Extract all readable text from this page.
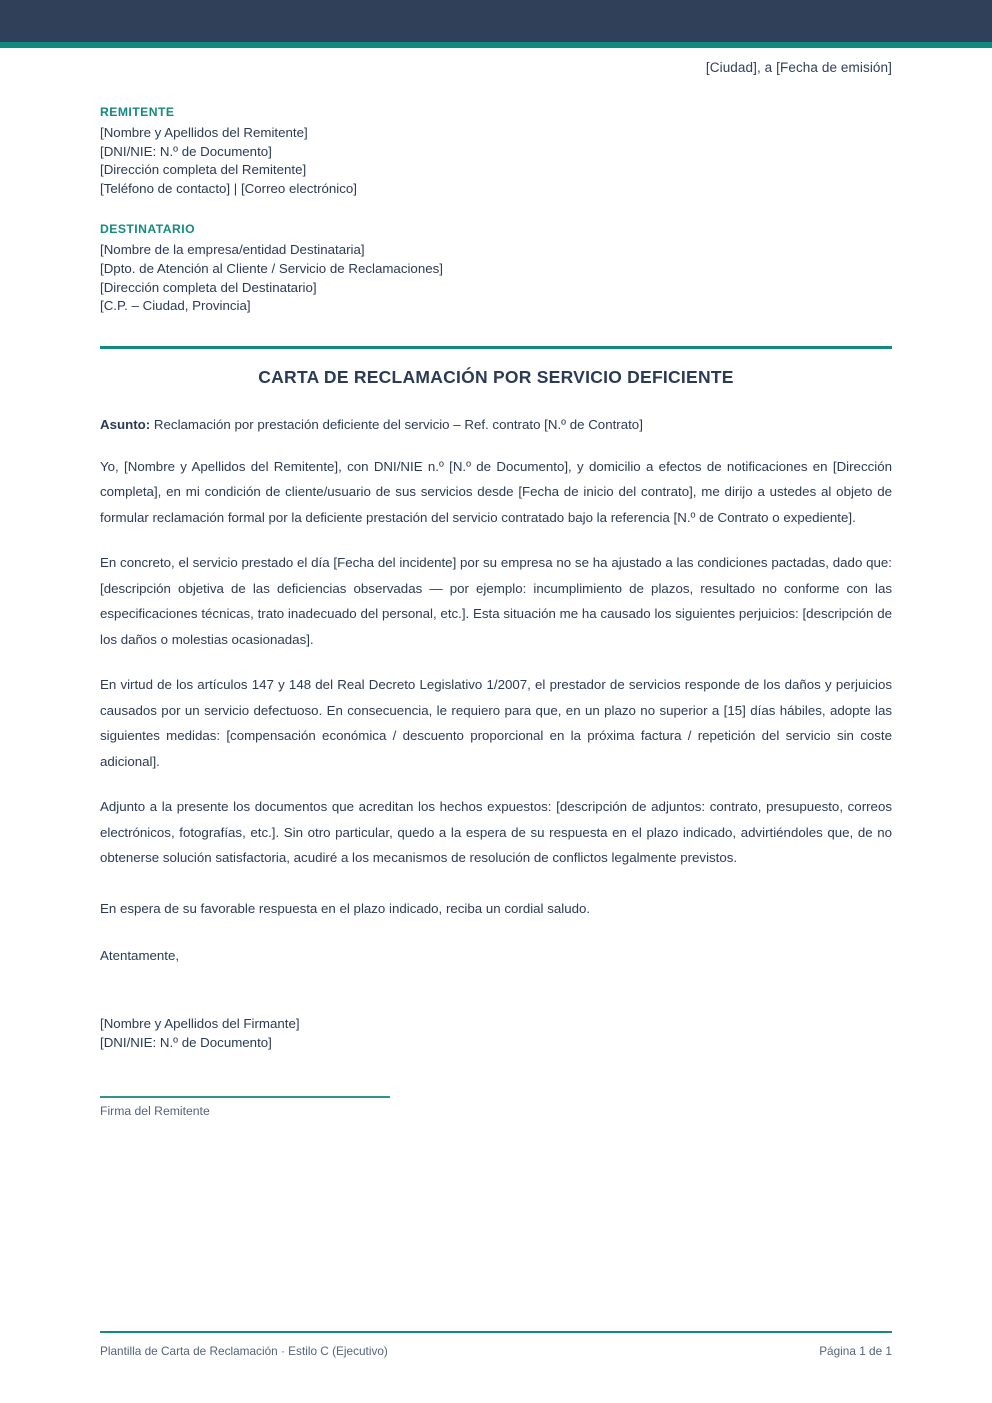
[Ciudad], a [Fecha de emisión]
REMITENTE
[Nombre y Apellidos del Remitente]
[DNI/NIE: N.º de Documento]
[Dirección completa del Remitente]
[Teléfono de contacto] | [Correo electrónico]
DESTINATARIO
[Nombre de la empresa/entidad Destinataria]
[Dpto. de Atención al Cliente / Servicio de Reclamaciones]
[Dirección completa del Destinatario]
[C.P. – Ciudad, Provincia]
CARTA DE RECLAMACIÓN POR SERVICIO DEFICIENTE
Asunto: Reclamación por prestación deficiente del servicio – Ref. contrato [N.º de Contrato]

Yo, [Nombre y Apellidos del Remitente], con DNI/NIE n.º [N.º de Documento], y domicilio a efectos de notificaciones en [Dirección completa], en mi condición de cliente/usuario de sus servicios desde [Fecha de inicio del contrato], me dirijo a ustedes al objeto de formular reclamación formal por la deficiente prestación del servicio contratado bajo la referencia [N.º de Contrato o expediente].

En concreto, el servicio prestado el día [Fecha del incidente] por su empresa no se ha ajustado a las condiciones pactadas, dado que: [descripción objetiva de las deficiencias observadas — por ejemplo: incumplimiento de plazos, resultado no conforme con las especificaciones técnicas, trato inadecuado del personal, etc.]. Esta situación me ha causado los siguientes perjuicios: [descripción de los daños o molestias ocasionadas].

En virtud de los artículos 147 y 148 del Real Decreto Legislativo 1/2007, el prestador de servicios responde de los daños y perjuicios causados por un servicio defectuoso. En consecuencia, le requiero para que, en un plazo no superior a [15] días hábiles, adopte las siguientes medidas: [compensación económica / descuento proporcional en la próxima factura / repetición del servicio sin coste adicional].

Adjunto a la presente los documentos que acreditan los hechos expuestos: [descripción de adjuntos: contrato, presupuesto, correos electrónicos, fotografías, etc.]. Sin otro particular, quedo a la espera de su respuesta en el plazo indicado, advirtiéndoles que, de no obtenerse solución satisfactoria, acudiré a los mecanismos de resolución de conflictos legalmente previstos.

En espera de su favorable respuesta en el plazo indicado, reciba un cordial saludo.

Atentamente,

[Nombre y Apellidos del Firmante]
[DNI/NIE: N.º de Documento]
Firma del Remitente
Plantilla de Carta de Reclamación · Estilo C (Ejecutivo)	Página 1 de 1
